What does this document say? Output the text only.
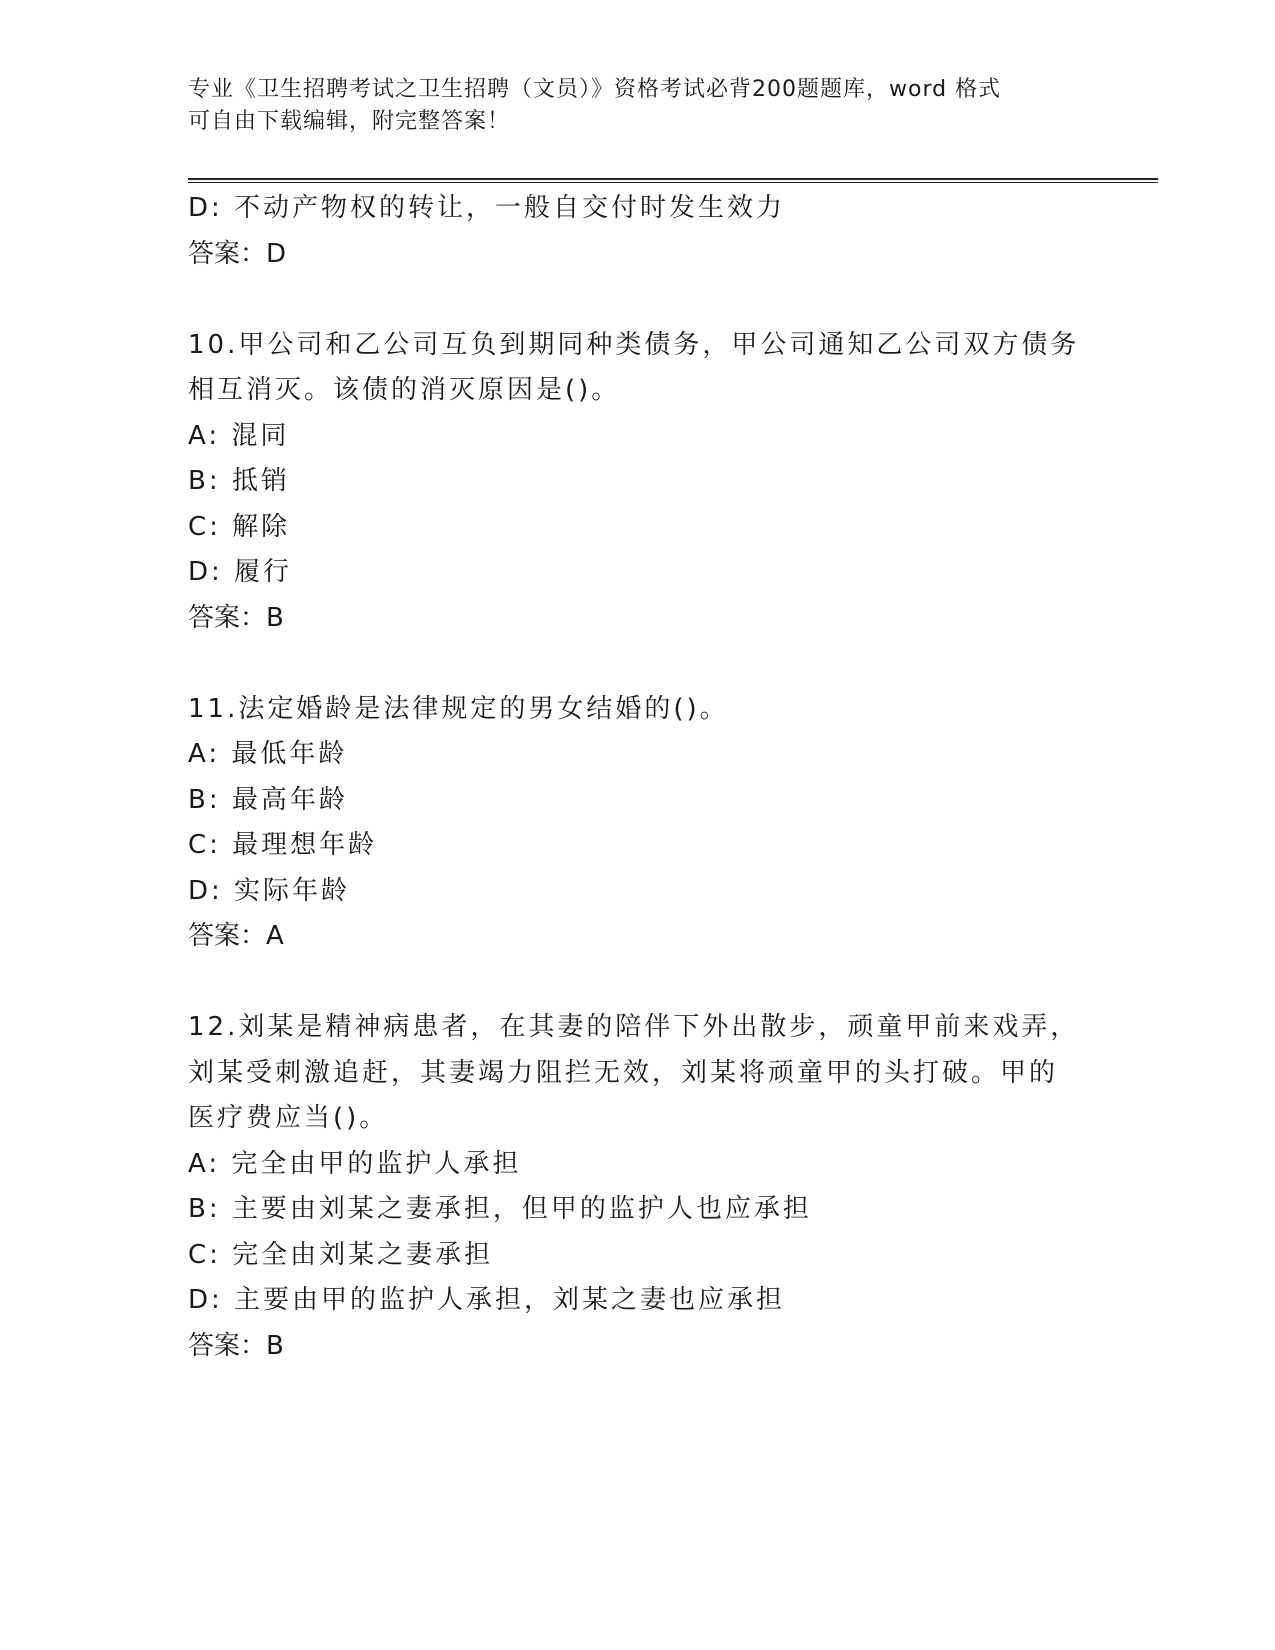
专业《卫生招聘考试之卫生招聘（文员）》资格考试必背200题题库，word 格式
可自由下载编辑，附完整答案！
D: 不动产物权的转让，一般自交付时发生效力
答案：D
10.甲公司和乙公司互负到期同种类债务，甲公司通知乙公司双方债务
相互消灭。该债的消灭原因是()。
A: 混同
B: 抵销
C: 解除
D: 履行
答案：B
11.法定婚龄是法律规定的男女结婚的()。
A: 最低年龄
B: 最高年龄
C: 最理想年龄
D: 实际年龄
答案：A
12.刘某是精神病患者，在其妻的陪伴下外出散步，顽童甲前来戏弄，
刘某受刺激追赶，其妻竭力阻拦无效，刘某将顽童甲的头打破。甲的
医疗费应当()。
A: 完全由甲的监护人承担
B: 主要由刘某之妻承担，但甲的监护人也应承担
C: 完全由刘某之妻承担
D: 主要由甲的监护人承担，刘某之妻也应承担
答案：B
